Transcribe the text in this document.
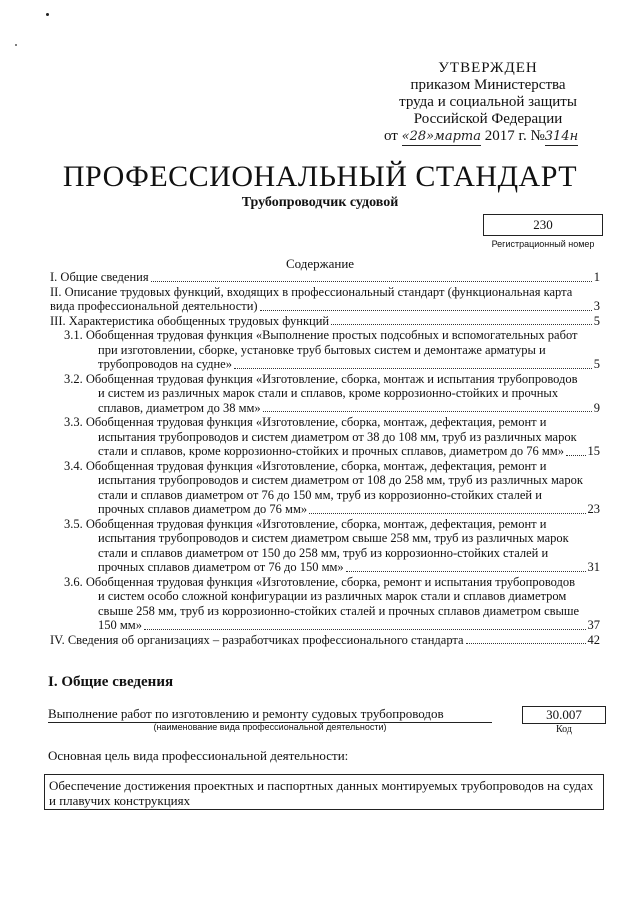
УТВЕРЖДЕН
приказом Министерства
труда и социальной защиты
Российской Федерации
от «28»марта 2017 г. №314н
ПРОФЕССИОНАЛЬНЫЙ СТАНДАРТ
Трубопроводчик судовой
230
Регистрационный номер
Содержание
I. Общие сведения	1
II. Описание трудовых функций, входящих в профессиональный стандарт (функциональная карта
вида профессиональной деятельности)	3
III. Характеристика обобщенных трудовых функций	5
3.1. Обобщенная трудовая функция «Выполнение простых подсобных и вспомогательных работ
при изготовлении, сборке, установке труб бытовых систем и демонтаже арматуры и
трубопроводов на судне»	5
3.2. Обобщенная трудовая функция «Изготовление, сборка, монтаж и испытания трубопроводов
и систем из различных марок стали и сплавов, кроме коррозионно-стойких и прочных
сплавов, диаметром до 38 мм»	9
3.3. Обобщенная трудовая функция «Изготовление, сборка, монтаж, дефектация, ремонт и
испытания трубопроводов и систем диаметром от 38 до 108 мм, труб из различных марок
стали и сплавов, кроме коррозионно-стойких и прочных сплавов, диаметром до 76 мм» 15
3.4. Обобщенная трудовая функция «Изготовление, сборка, монтаж, дефектация, ремонт и
испытания трубопроводов и систем диаметром от 108 до 258 мм, труб из различных марок
стали и сплавов диаметром от 76 до 150 мм, труб из коррозионно-стойких сталей и
прочных сплавов диаметром до 76 мм»	23
3.5. Обобщенная трудовая функция «Изготовление, сборка, монтаж, дефектация, ремонт и
испытания трубопроводов и систем диаметром свыше 258 мм, труб из различных марок
стали и сплавов диаметром от 150 до 258 мм, труб из коррозионно-стойких сталей и
прочных сплавов диаметром от 76 до 150 мм»	31
3.6. Обобщенная трудовая функция «Изготовление, сборка, ремонт и испытания трубопроводов
и систем особо сложной конфигурации из различных марок стали и сплавов диаметром
свыше 258 мм, труб из коррозионно-стойких сталей и прочных сплавов диаметром свыше
150 мм»	37
IV. Сведения об организациях – разработчиках профессионального стандарта	42
I. Общие сведения
Выполнение работ по изготовлению и ремонту судовых трубопроводов
(наименование вида профессиональной деятельности)
30.007
Код
Основная цель вида профессиональной деятельности:
Обеспечение достижения проектных и паспортных данных монтируемых трубопроводов на судах и плавучих конструкциях
